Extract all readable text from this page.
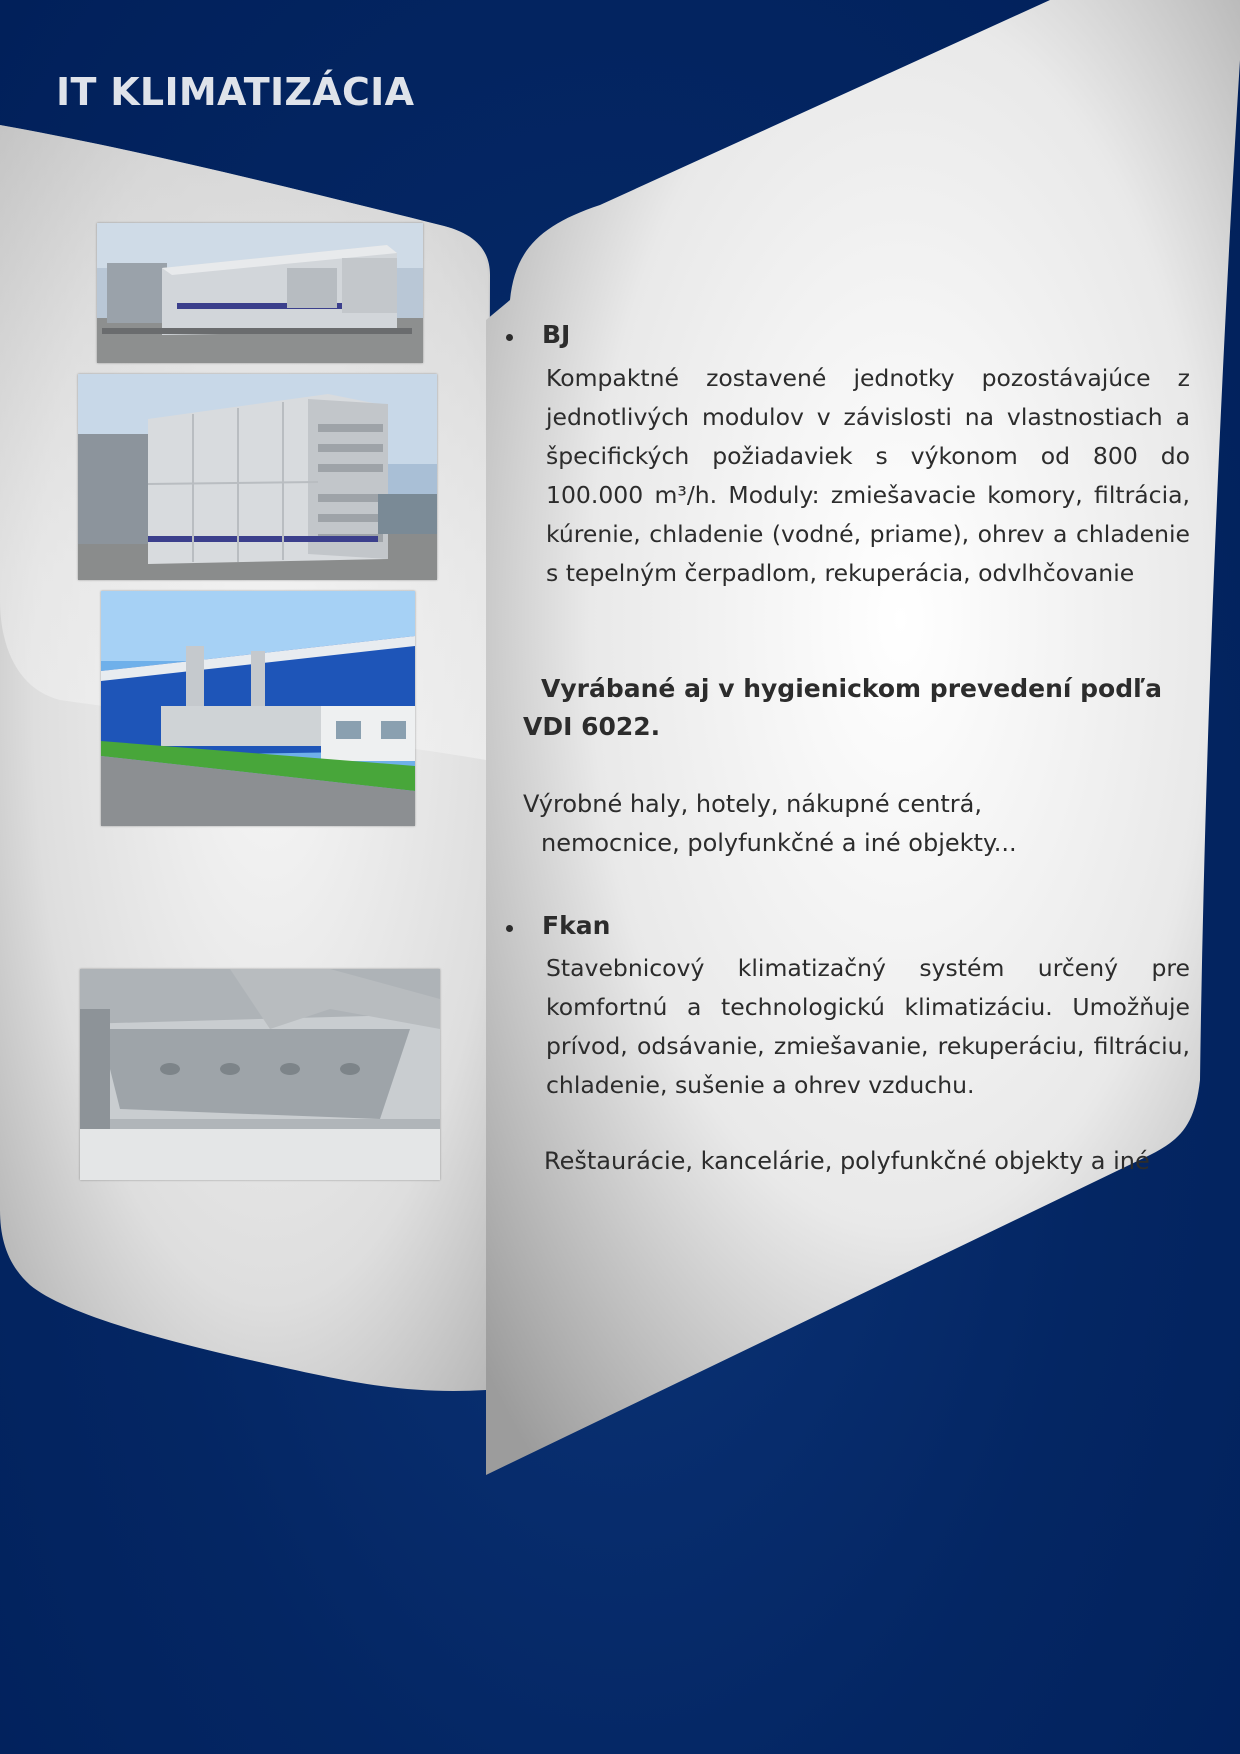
IT KLIMATIZÁCIA
BJ
Kompaktné zostavené jednotky pozostávajúce z jednotlivých modulov v závislosti na vlastnostiach a špecifických požiadaviek s výkonom od 800 do 100.000 m³/h. Moduly: zmiešavacie komory, filtrácia, kúrenie, chladenie (vodné, priame), ohrev a chladenie s tepelným čerpadlom, rekuperácia, odvlhčovanie
Vyrábané aj v hygienickom prevedení podľa
VDI 6022.
Výrobné haly, hotely, nákupné centrá,
nemocnice, polyfunkčné a iné objekty...
Fkan
Stavebnicový klimatizačný systém určený pre komfortnú a technologickú klimatizáciu. Umožňuje prívod, odsávanie, zmiešavanie, rekuperáciu, filtráciu, chladenie, sušenie a ohrev vzduchu.
Reštaurácie, kancelárie, polyfunkčné objekty a iné
